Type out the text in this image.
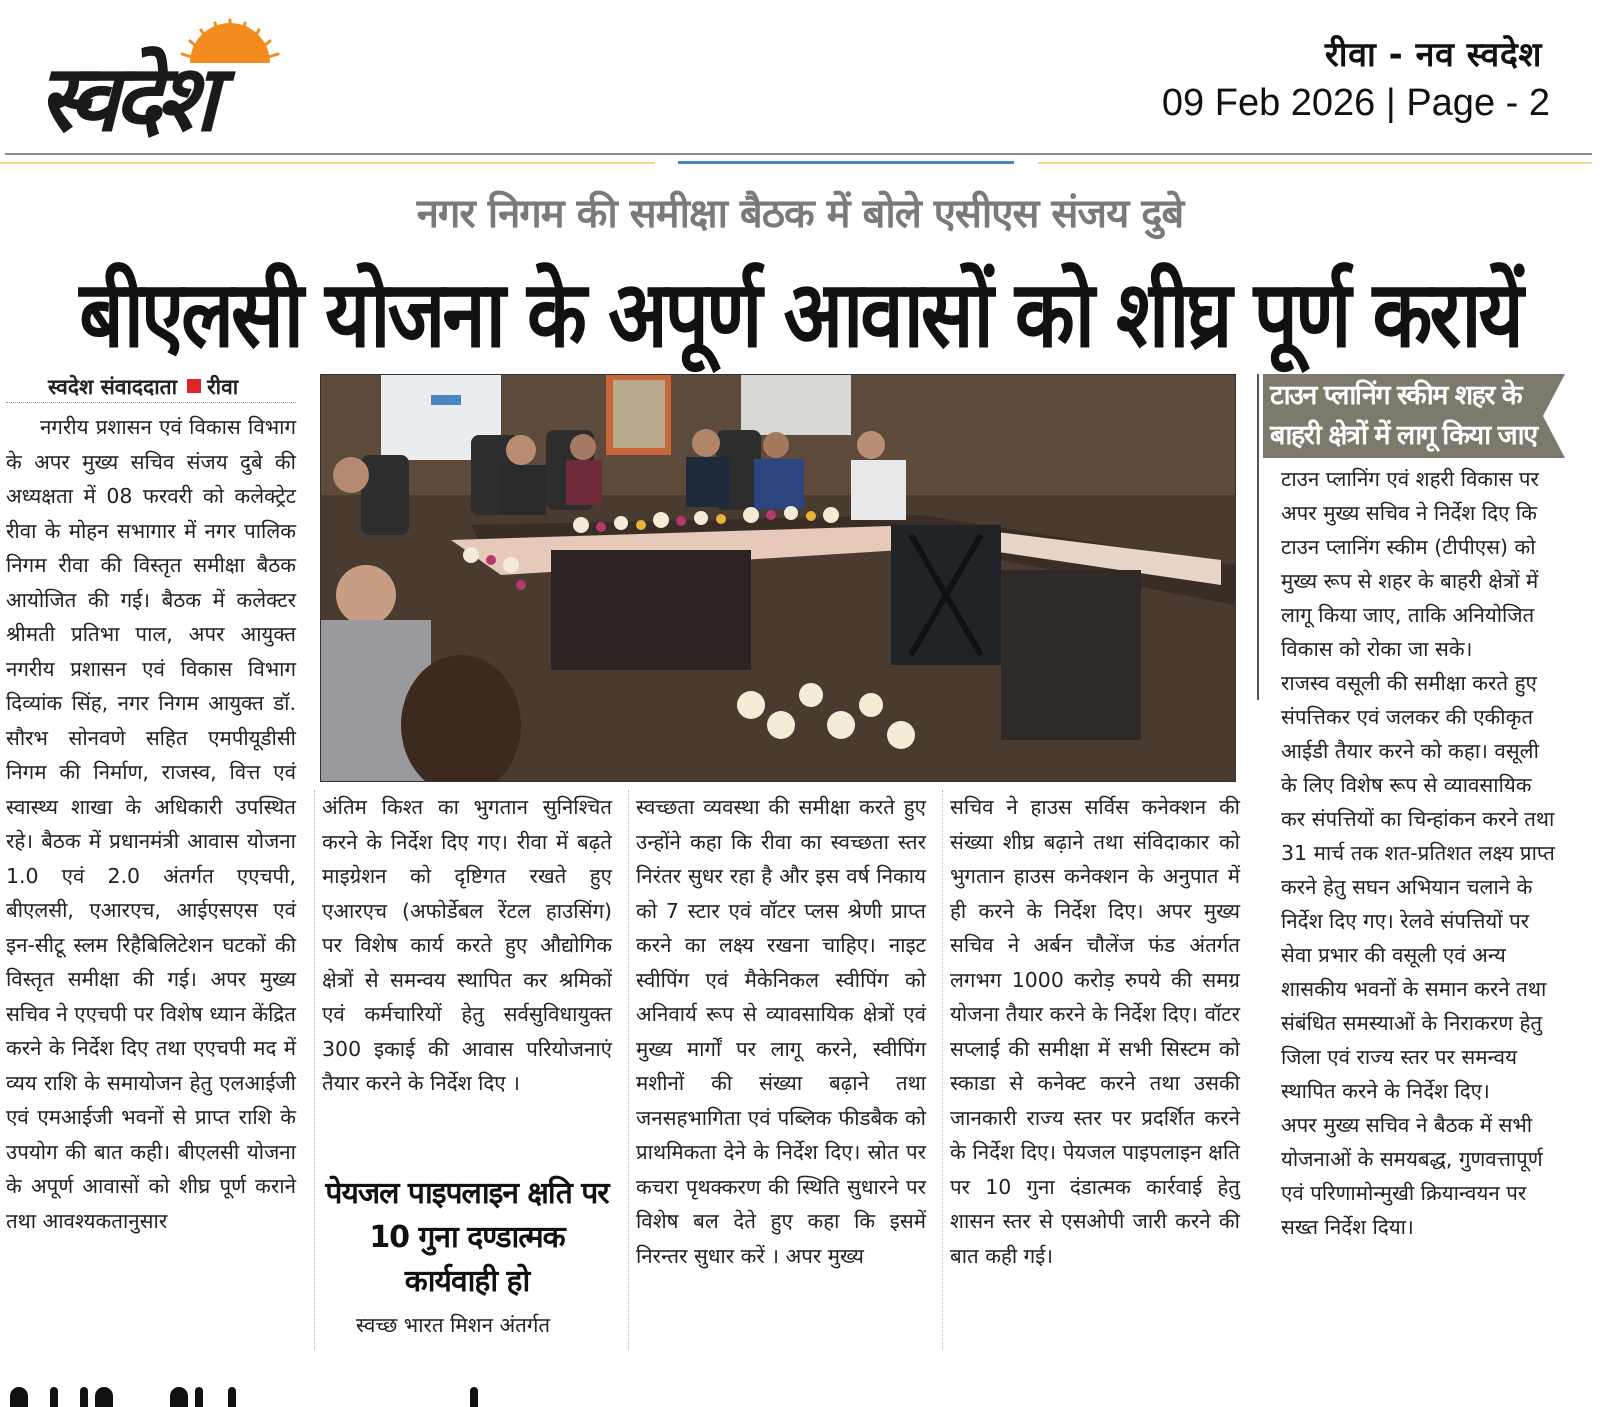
स्वदेश	रीवा - नव स्वदेश
09 Feb 2026 | Page - 2
नगर निगम की समीक्षा बैठक में बोले एसीएस संजय दुबे
बीएलसी योजना के अपूर्ण आवासों को शीघ्र पूर्ण करायें
स्वदेश संवाददाता रीवा
नगरीय प्रशासन एवं विकास विभाग के अपर मुख्य सचिव संजय दुबे की अध्यक्षता में 08 फरवरी को कलेक्ट्रेट रीवा के मोहन सभागार में नगर पालिक निगम रीवा की विस्तृत समीक्षा बैठक आयोजित की गई। बैठक में कलेक्टर श्रीमती प्रतिभा पाल, अपर आयुक्त नगरीय प्रशासन एवं विकास विभाग दिव्यांक सिंह, नगर निगम आयुक्त डॉ. सौरभ सोनवणे सहित एमपीयूडीसी निगम की निर्माण, राजस्व, वित्त एवं स्वास्थ्य शाखा के अधिकारी उपस्थित रहे। बैठक में प्रधानमंत्री आवास योजना 1.0 एवं 2.0 अंतर्गत एएचपी, बीएलसी, एआरएच, आईएसएस एवं इन-सीटू स्लम रिहैबिलिटेशन घटकों की विस्तृत समीक्षा की गई। अपर मुख्य सचिव ने एएचपी पर विशेष ध्यान केंद्रित करने के निर्देश दिए तथा एएचपी मद में व्यय राशि के समायोजन हेतु एलआईजी एवं एमआईजी भवनों से प्राप्त राशि के उपयोग की बात कही। बीएलसी योजना के अपूर्ण आवासों को शीघ्र पूर्ण कराने तथा आवश्यकतानुसार
अंतिम किश्त का भुगतान सुनिश्चित करने के निर्देश दिए गए। रीवा में बढ़ते माइग्रेशन को दृष्टिगत रखते हुए एआरएच (अफोर्डेबल रेंटल हाउसिंग) पर विशेष कार्य करते हुए औद्योगिक क्षेत्रों से समन्वय स्थापित कर श्रमिकों एवं कर्मचारियों हेतु सर्वसुविधायुक्त 300 इकाई की आवास परियोजनाएं तैयार करने के निर्देश दिए ।
पेयजल पाइपलाइन क्षति पर 10 गुना दण्डात्मक कार्यवाही हो
स्वच्छ भारत मिशन अंतर्गत
स्वच्छता व्यवस्था की समीक्षा करते हुए उन्होंने कहा कि रीवा का स्वच्छता स्तर निरंतर सुधर रहा है और इस वर्ष निकाय को 7 स्टार एवं वॉटर प्लस श्रेणी प्राप्त करने का लक्ष्य रखना चाहिए। नाइट स्वीपिंग एवं मैकेनिकल स्वीपिंग को अनिवार्य रूप से व्यावसायिक क्षेत्रों एवं मुख्य मार्गों पर लागू करने, स्वीपिंग मशीनों की संख्या बढ़ाने तथा जनसहभागिता एवं पब्लिक फीडबैक को प्राथमिकता देने के निर्देश दिए। स्रोत पर कचरा पृथक्करण की स्थिति सुधारने पर विशेष बल देते हुए कहा कि इसमें निरन्तर सुधार करें । अपर मुख्य
सचिव ने हाउस सर्विस कनेक्शन की संख्या शीघ्र बढ़ाने तथा संविदाकार को भुगतान हाउस कनेक्शन के अनुपात में ही करने के निर्देश दिए। अपर मुख्य सचिव ने अर्बन चौलेंज फंड अंतर्गत लगभग 1000 करोड़ रुपये की समग्र योजना तैयार करने के निर्देश दिए। वॉटर सप्लाई की समीक्षा में सभी सिस्टम को स्काडा से कनेक्ट करने तथा उसकी जानकारी राज्य स्तर पर प्रदर्शित करने के निर्देश दिए। पेयजल पाइपलाइन क्षति पर 10 गुना दंडात्मक कार्रवाई हेतु शासन स्तर से एसओपी जारी करने की बात कही गई।
टाउन प्लानिंग स्कीम शहर के
बाहरी क्षेत्रों में लागू किया जाए

टाउन प्लानिंग एवं शहरी विकास पर अपर मुख्य सचिव ने निर्देश दिए कि टाउन प्लानिंग स्कीम (टीपीएस) को मुख्य रूप से शहर के बाहरी क्षेत्रों में लागू किया जाए, ताकि अनियोजित विकास को रोका जा सके।

राजस्व वसूली की समीक्षा करते हुए संपत्तिकर एवं जलकर की एकीकृत आईडी तैयार करने को कहा। वसूली के लिए विशेष रूप से व्यावसायिक कर संपत्तियों का चिन्हांकन करने तथा 31 मार्च तक शत-प्रतिशत लक्ष्य प्राप्त करने हेतु सघन अभियान चलाने के निर्देश दिए गए। रेलवे संपत्तियों पर सेवा प्रभार की वसूली एवं अन्य शासकीय भवनों के समान करने तथा संबंधित समस्याओं के निराकरण हेतु जिला एवं राज्य स्तर पर समन्वय स्थापित करने के निर्देश दिए।

अपर मुख्य सचिव ने बैठक में सभी योजनाओं के समयबद्ध, गुणवत्तापूर्ण एवं परिणामोन्मुखी क्रियान्वयन पर सख्त निर्देश दिया।
